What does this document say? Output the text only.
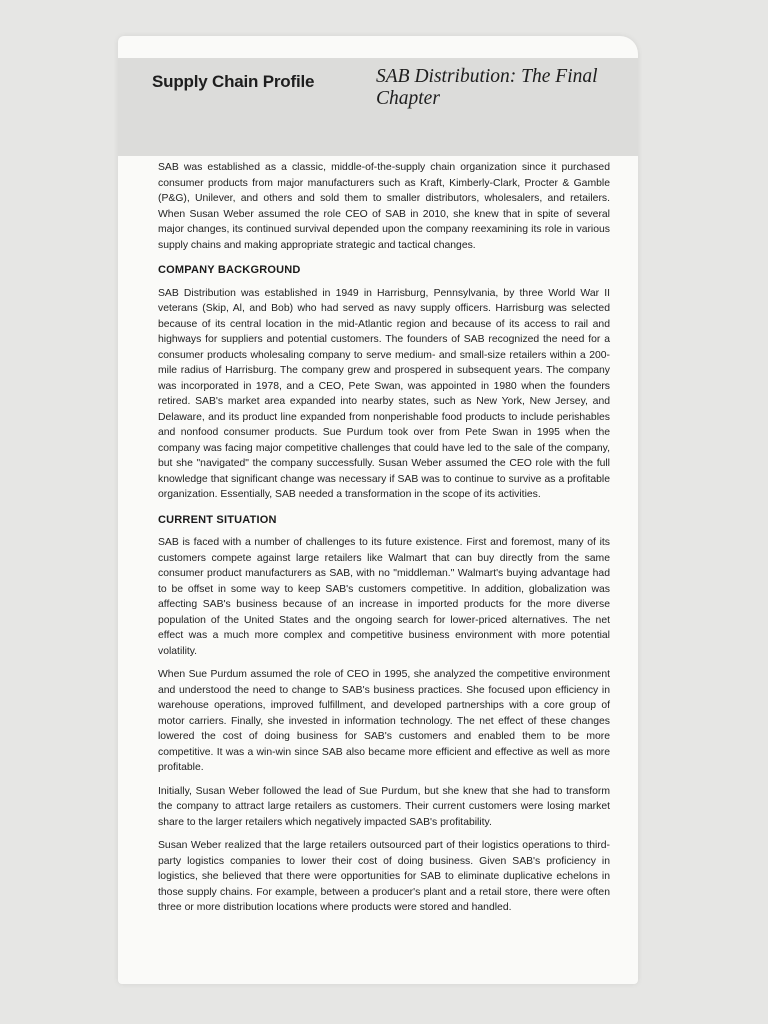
Supply Chain Profile	SAB Distribution: The Final Chapter

SAB was established as a classic, middle-of-the-supply chain organization since it purchased consumer products from major manufacturers such as Kraft, Kimberly-Clark, Procter & Gamble (P&G), Unilever, and others and sold them to smaller distributors, wholesalers, and retailers. When Susan Weber assumed the role CEO of SAB in 2010, she knew that in spite of several major changes, its continued survival depended upon the company reexamining its role in various supply chains and making appropriate strategic and tactical changes.

COMPANY BACKGROUND

SAB Distribution was established in 1949 in Harrisburg, Pennsylvania, by three World War II veterans (Skip, Al, and Bob) who had served as navy supply officers. Harrisburg was selected because of its central location in the mid-Atlantic region and because of its access to rail and highways for suppliers and potential customers. The founders of SAB recognized the need for a consumer products wholesaling company to serve medium- and small-size retailers within a 200-mile radius of Harrisburg. The company grew and prospered in subsequent years. The company was incorporated in 1978, and a CEO, Pete Swan, was appointed in 1980 when the founders retired. SAB's market area expanded into nearby states, such as New York, New Jersey, and Delaware, and its product line expanded from nonperishable food products to include perishables and nonfood consumer products. Sue Purdum took over from Pete Swan in 1995 when the company was facing major competitive challenges that could have led to the sale of the company, but she "navigated" the company successfully. Susan Weber assumed the CEO role with the full knowledge that significant change was necessary if SAB was to continue to survive as a profitable organization. Essentially, SAB needed a transformation in the scope of its activities.

CURRENT SITUATION

SAB is faced with a number of challenges to its future existence. First and foremost, many of its customers compete against large retailers like Walmart that can buy directly from the same consumer product manufacturers as SAB, with no "middleman." Walmart's buying advantage had to be offset in some way to keep SAB's customers competitive. In addition, globalization was affecting SAB's business because of an increase in imported products for the more diverse population of the United States and the ongoing search for lower-priced alternatives. The net effect was a much more complex and competitive business environment with more potential volatility.

When Sue Purdum assumed the role of CEO in 1995, she analyzed the competitive environment and understood the need to change to SAB's business practices. She focused upon efficiency in warehouse operations, improved fulfillment, and developed partnerships with a core group of motor carriers. Finally, she invested in information technology. The net effect of these changes lowered the cost of doing business for SAB's customers and enabled them to be more competitive. It was a win-win since SAB also became more efficient and effective as well as more profitable.

Initially, Susan Weber followed the lead of Sue Purdum, but she knew that she had to transform the company to attract large retailers as customers. Their current customers were losing market share to the larger retailers which negatively impacted SAB's profitability.

Susan Weber realized that the large retailers outsourced part of their logistics operations to third-party logistics companies to lower their cost of doing business. Given SAB's proficiency in logistics, she believed that there were opportunities for SAB to eliminate duplicative echelons in those supply chains. For example, between a producer's plant and a retail store, there were often three or more distribution locations where products were stored and handled.
